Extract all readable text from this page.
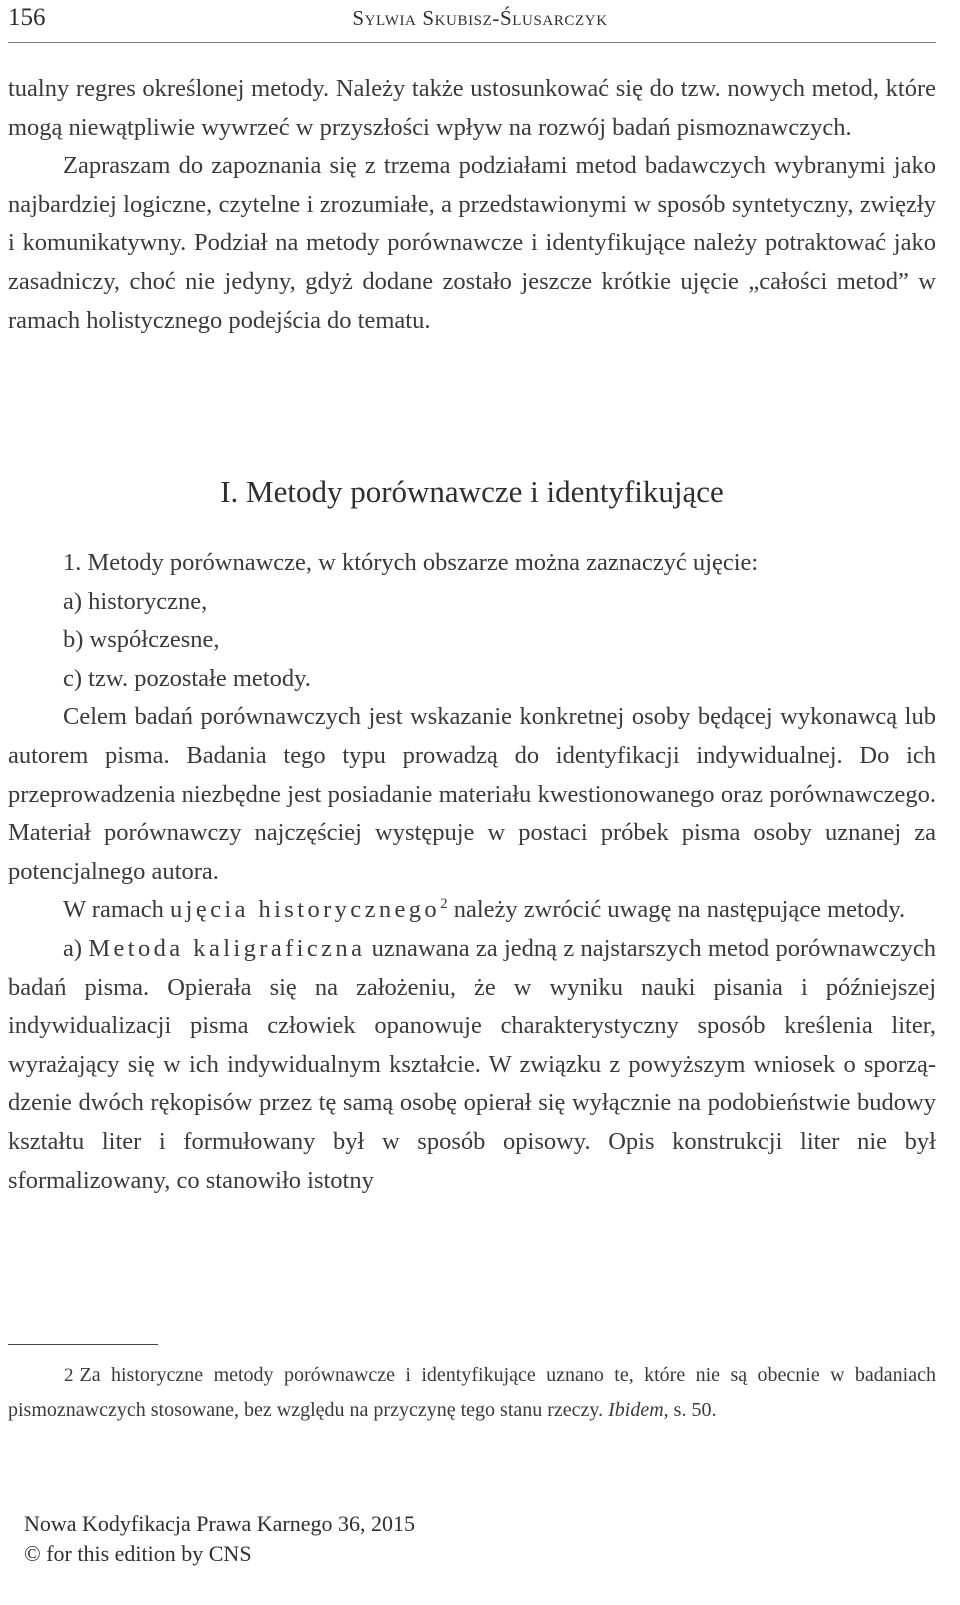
156	Sylwia Skubisz-Ślusarczyk

tualny regres określonej metody. Należy także ustosunkować się do tzw. nowych metod, które mogą niewątpliwie wywrzeć w przyszłości wpływ na rozwój badań pismoznawczych.

Zapraszam do zapoznania się z trzema podziałami metod badawczych wybranymi jako najbardziej logiczne, czytelne i zrozumiałe, a przedstawionymi w sposób syntetyczny, zwięzły i komunikatywny. Podział na metody porównawcze i identyfikujące należy potraktować jako zasadniczy, choć nie jedyny, gdyż dodane zostało jeszcze krótkie ujęcie „całości metod” w ramach holistycznego podejścia do tematu.

I. Metody porównawcze i identyfikujące

1. Metody porównawcze, w których obszarze można zaznaczyć ujęcie:

a) historyczne,

b) współczesne,

c) tzw. pozostałe metody.

Celem badań porównawczych jest wskazanie konkretnej osoby będącej wykonawcą lub autorem pisma. Badania tego typu prowadzą do identyfikacji indywidualnej. Do ich przeprowadzenia niezbędne jest posiadanie materiału kwestionowanego oraz porównawczego. Materiał porównawczy najczęściej występuje w postaci próbek pisma osoby uznanej za potencjalnego autora.

W ramach ujęcia historycznego$^2$ należy zwrócić uwagę na następujące metody.

a) Metoda kaligraficzna uznawana za jedną z najstarszych metod porównawczych badań pisma. Opierała się na założeniu, że w wyniku nauki pisania i późniejszej indywidualizacji pisma człowiek opanowuje charakterystyczny sposób kreślenia liter, wyrażający się w ich indywidualnym kształcie. W związku z powyższym wniosek o sporządzenie dwóch rękopisów przez tę samą osobę opierał się wyłącznie na podobieństwie budowy kształtu liter i formułowany był w sposób opisowy. Opis konstrukcji liter nie był sformalizowany, co stanowiło istotny

2 Za historyczne metody porównawcze i identyfikujące uznano te, które nie są obecnie w badaniach pismoznawczych stosowane, bez względu na przyczynę tego stanu rzeczy. Ibidem, s. 50.
Nowa Kodyfikacja Prawa Karnego 36, 2015
© for this edition by CNS
